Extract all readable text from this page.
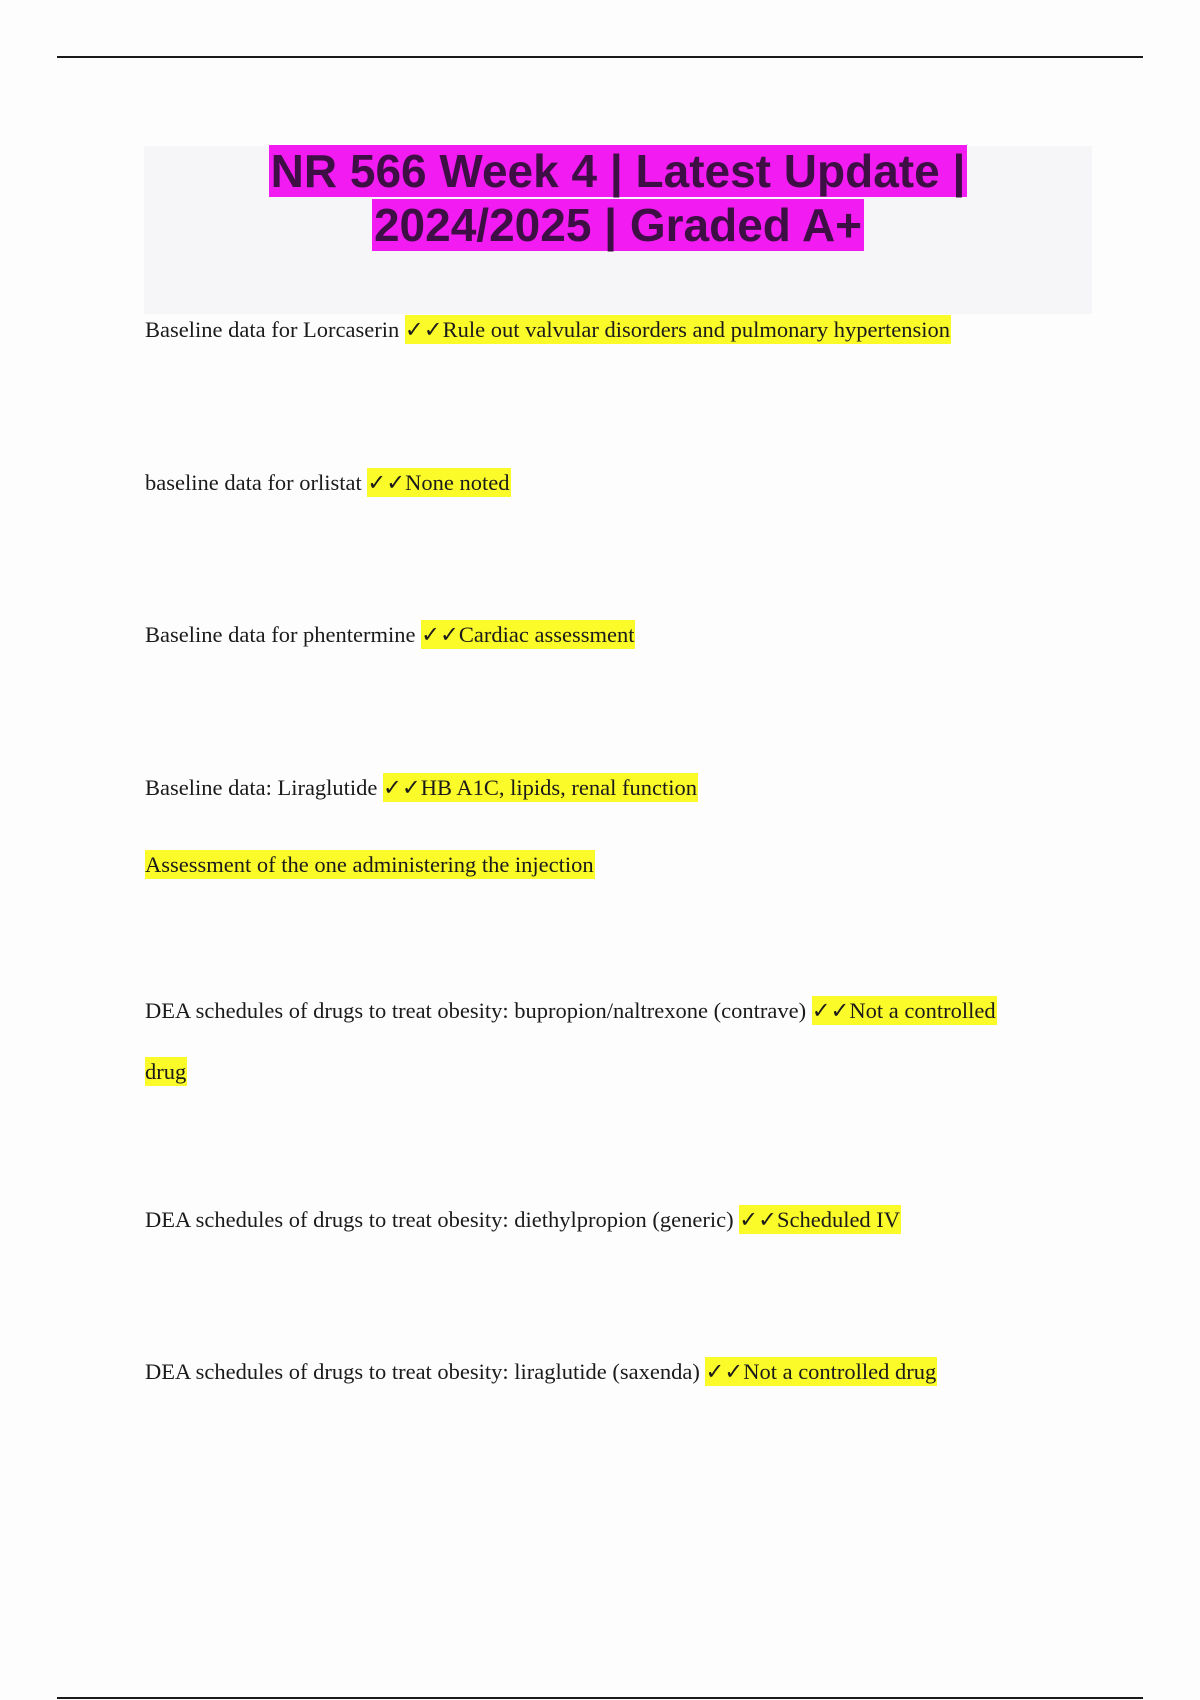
NR 566 Week 4 | Latest Update |
2024/2025 | Graded A+

Baseline data for Lorcaserin ✓✓Rule out valvular disorders and pulmonary hypertension

baseline data for orlistat ✓✓None noted

Baseline data for phentermine ✓✓Cardiac assessment

Baseline data: Liraglutide ✓✓HB A1C, lipids, renal function

Assessment of the one administering the injection

DEA schedules of drugs to treat obesity: bupropion/naltrexone (contrave) ✓✓Not a controlled

drug

DEA schedules of drugs to treat obesity: diethylpropion (generic) ✓✓Scheduled IV

DEA schedules of drugs to treat obesity: liraglutide (saxenda) ✓✓Not a controlled drug
